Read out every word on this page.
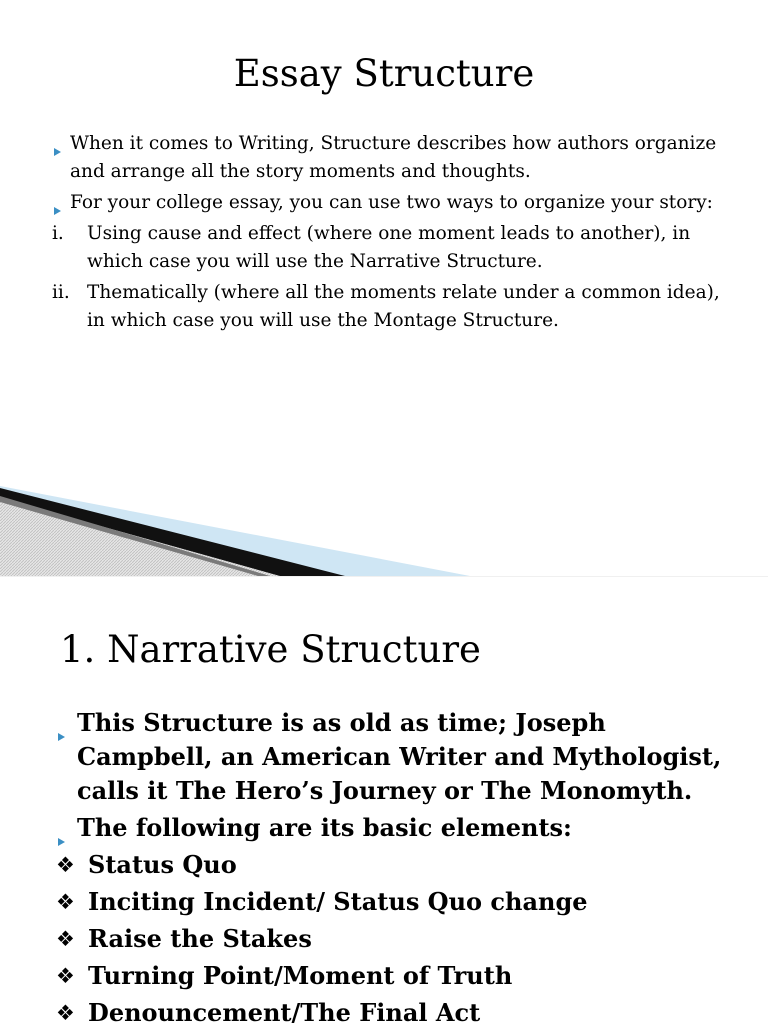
Essay Structure
When it comes to Writing, Structure describes how authors organize and arrange all the story moments and thoughts.
For your college essay, you can use two ways to organize your story:
i. Using cause and effect (where one moment leads to another), in which case you will use the Narrative Structure.
ii. Thematically (where all the moments relate under a common idea), in which case you will use the Montage Structure.
1. Narrative Structure
This Structure is as old as time; Joseph Campbell, an American Writer and Mythologist, calls it The Hero’s Journey or The Monomyth.
The following are its basic elements:
❖ Status Quo
❖ Inciting Incident/ Status Quo change
❖ Raise the Stakes
❖ Turning Point/Moment of Truth
❖ Denouncement/The Final Act
